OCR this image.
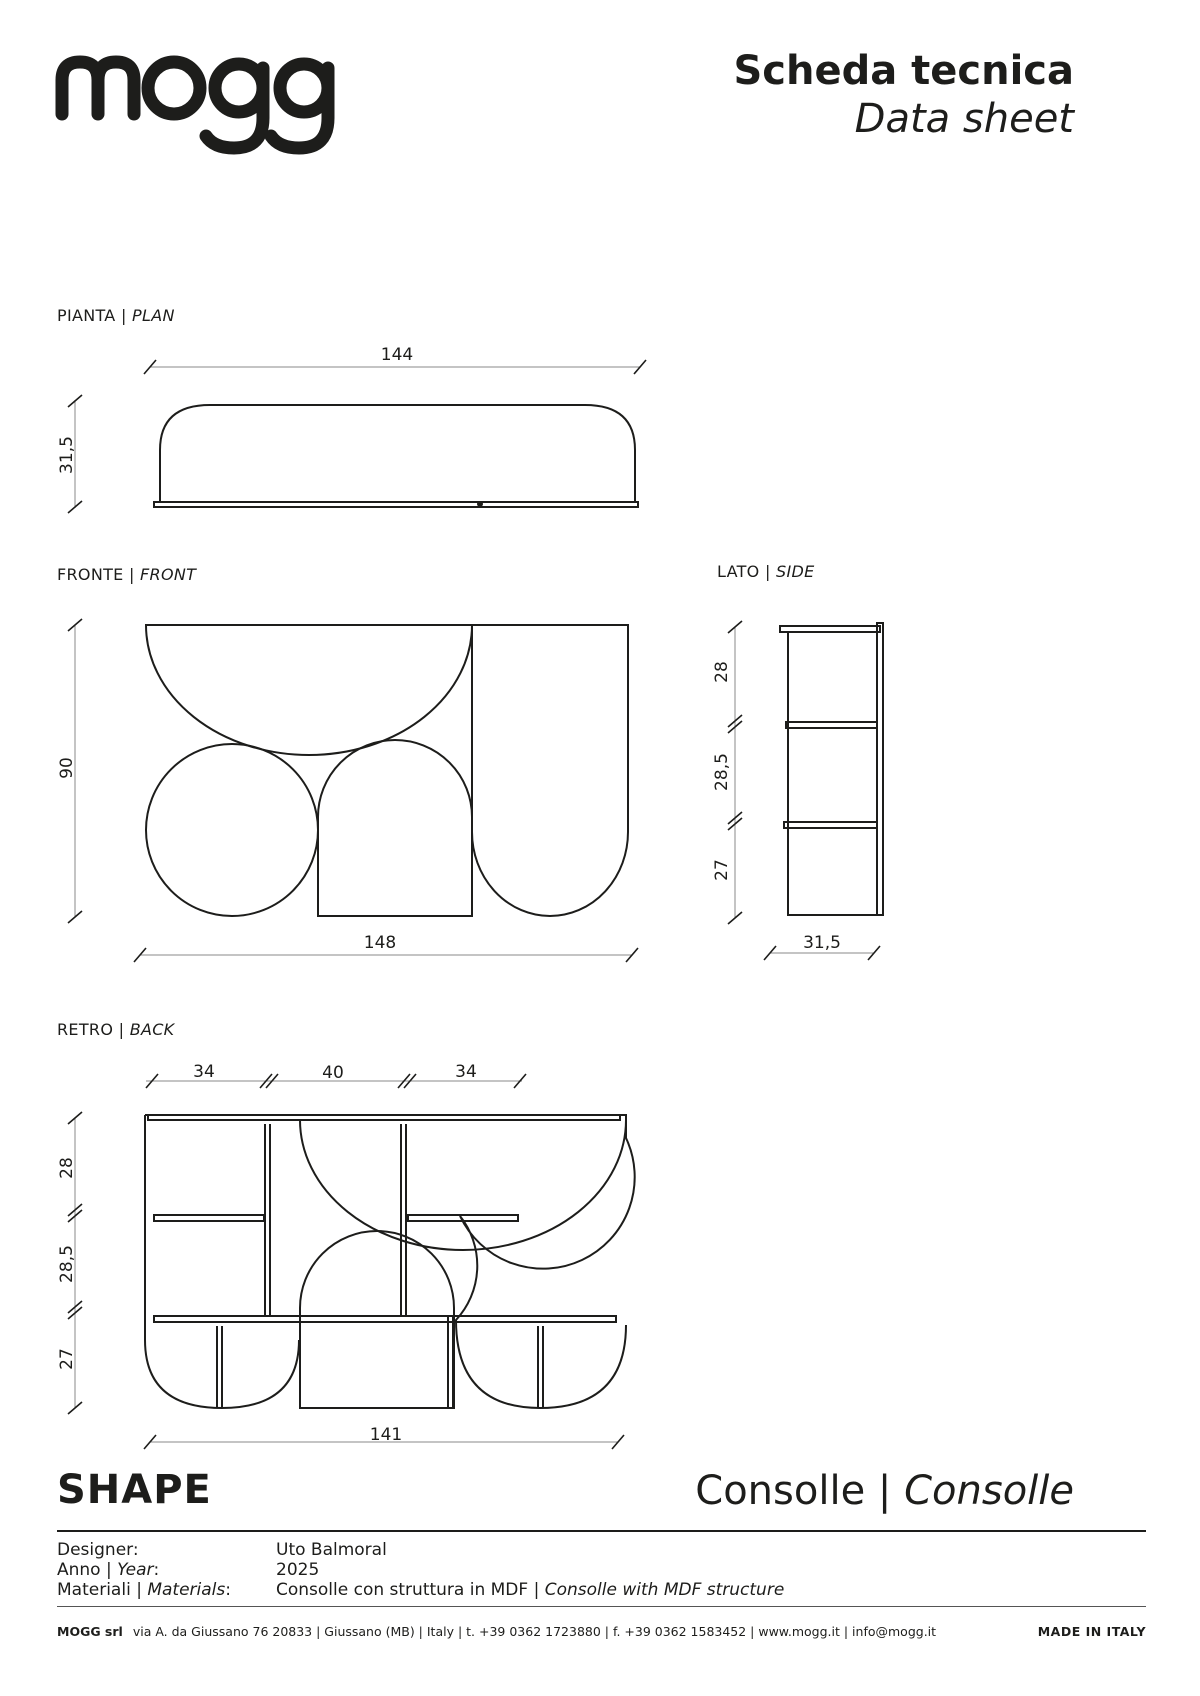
Scheda tecnica
Data sheet
PIANTA | PLAN
FRONTE | FRONT	LATO | SIDE
RETRO | BACK
144
31,5
90
148
28
28,5
27
31,5
34	40	34
28
28,5
27
141
SHAPE	Consolle | Consolle
Designer:	Uto Balmoral
Anno | Year:	2025
Materiali | Materials:	Consolle con struttura in MDF | Consolle with MDF structure
MOGG srl via A. da Giussano 76 20833 | Giussano (MB) | Italy | t. +39 0362 1723880 | f. +39 0362 1583452 | www.mogg.it | info@mogg.it	MADE IN ITALY
